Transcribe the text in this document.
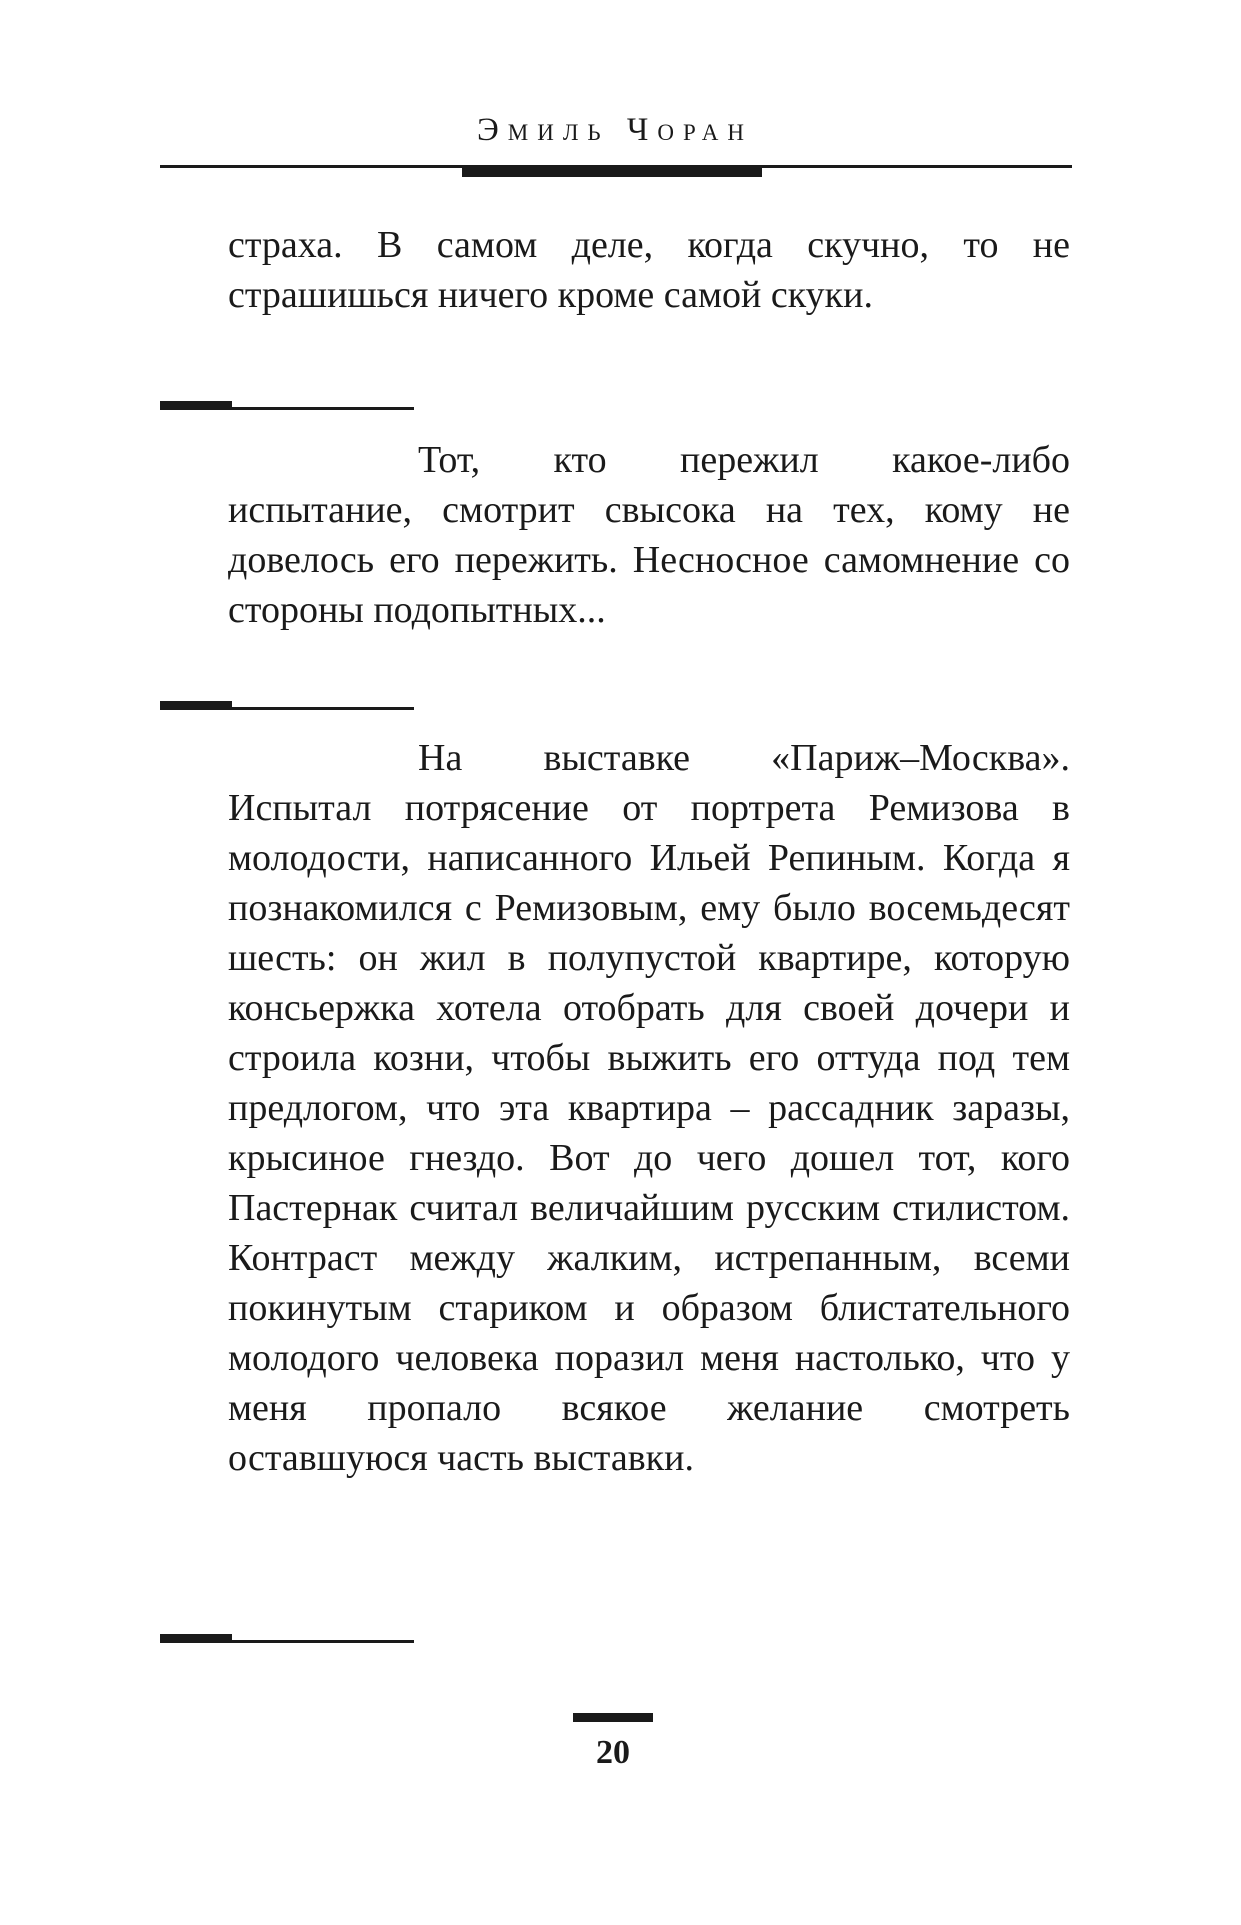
Эмиль Чоран

страха. В самом деле, когда скучно, то не страшишься ничего кроме самой скуки.

Тот, кто пережил какое-либо испытание, смотрит свысока на тех, кому не довелось его пережить. Несносное самомнение со стороны подопытных...

На выставке «Париж–Москва». Испытал потрясение от портрета Ремизова в молодости, написанного Ильей Репиным. Когда я познакомился с Ремизовым, ему было восемьдесят шесть: он жил в полупустой квартире, которую консьержка хотела отобрать для своей дочери и строила козни, чтобы выжить его оттуда под тем предлогом, что эта квартира – рассадник заразы, крысиное гнездо. Вот до чего дошел тот, кого Пастернак считал величайшим русским стилистом. Контраст между жалким, истрепанным, всеми покинутым стариком и образом блистательного молодого человека поразил меня настолько, что у меня пропало всякое желание смотреть оставшуюся часть выставки.

20
